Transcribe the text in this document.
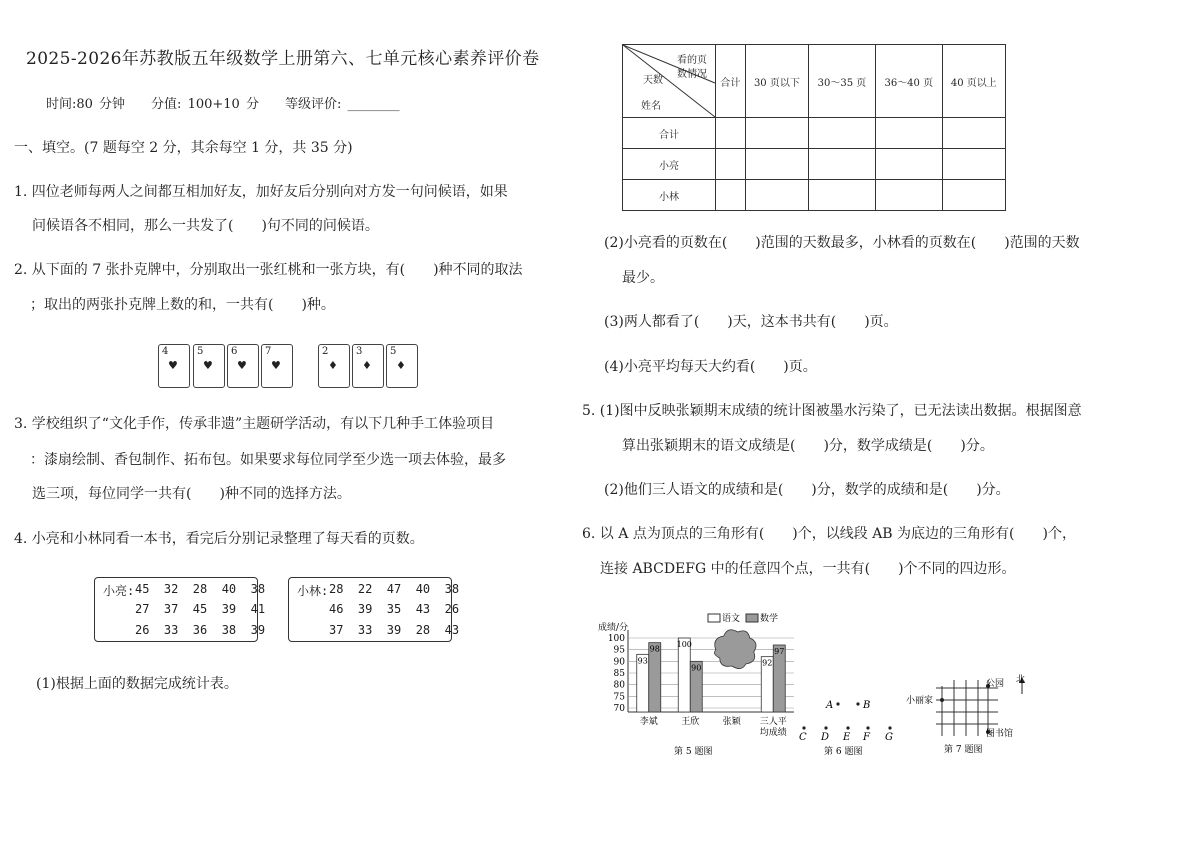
2025-2026年苏教版五年级数学上册第六、七单元核心素养评价卷
时间:80 分钟　　分值: 100+10 分　　等级评价: ________
一、填空。(7 题每空 2 分，其余每空 1 分，共 35 分)
1. 四位老师每两人之间都互相加好友，加好友后分别向对方发一句问候语，如果
问候语各不相同，那么一共发了(　　)句不同的问候语。
2. 从下面的 7 张扑克牌中，分别取出一张红桃和一张方块，有(　　)种不同的取法
；取出的两张扑克牌上数的和，一共有(　　)种。
4
♥
5
♥
6
♥
7
♥
2
♦
3
♦
5
♦
3. 学校组织了“文化手作，传承非遗”主题研学活动，有以下几种手工体验项目
：漆扇绘制、香包制作、拓布包。如果要求每位同学至少选一项去体验，最多
选三项，每位同学一共有(　　)种不同的选择方法。
4. 小亮和小林同看一本书，看完后分别记录整理了每天看的页数。
小亮: 45  32  28  40  38
27  37  45  39  41
26  33  36  38  39
小林: 28  22  47  40  38
46  39  35  43  26
37  33  39  28  43
(1)根据上面的数据完成统计表。
看的页
数情况
天数
姓名	合计	30 页以下	30～35 页	36～40 页	40 页以上
合计					
小亮					
小林					
(2)小亮看的页数在(　　)范围的天数最多，小林看的页数在(　　)范围的天数
最少。
(3)两人都看了(　　)天，这本书共有(　　)页。
(4)小亮平均每天大约看(　　)页。
5. (1)图中反映张颖期末成绩的统计图被墨水污染了，已无法读出数据。根据图意
算出张颖期末的语文成绩是(　　)分，数学成绩是(　　)分。
(2)他们三人语文的成绩和是(　　)分，数学的成绩和是(　　)分。
6. 以 A 点为顶点的三角形有(　　)个，以线段 AB 为底边的三角形有(　　)个，
连接 ABCDEFG 中的任意四个点，一共有(　　)个不同的四边形。
成绩/分
70
75
80
85
90
95
100
语文 数学
93
98
李斌
100
90
王欣	张颖
92
97
三人平
均成绩
第 5 题图
A	B
C D E F G
第 6 题图
小丽家
公园
图书馆
北
第 7 题图
